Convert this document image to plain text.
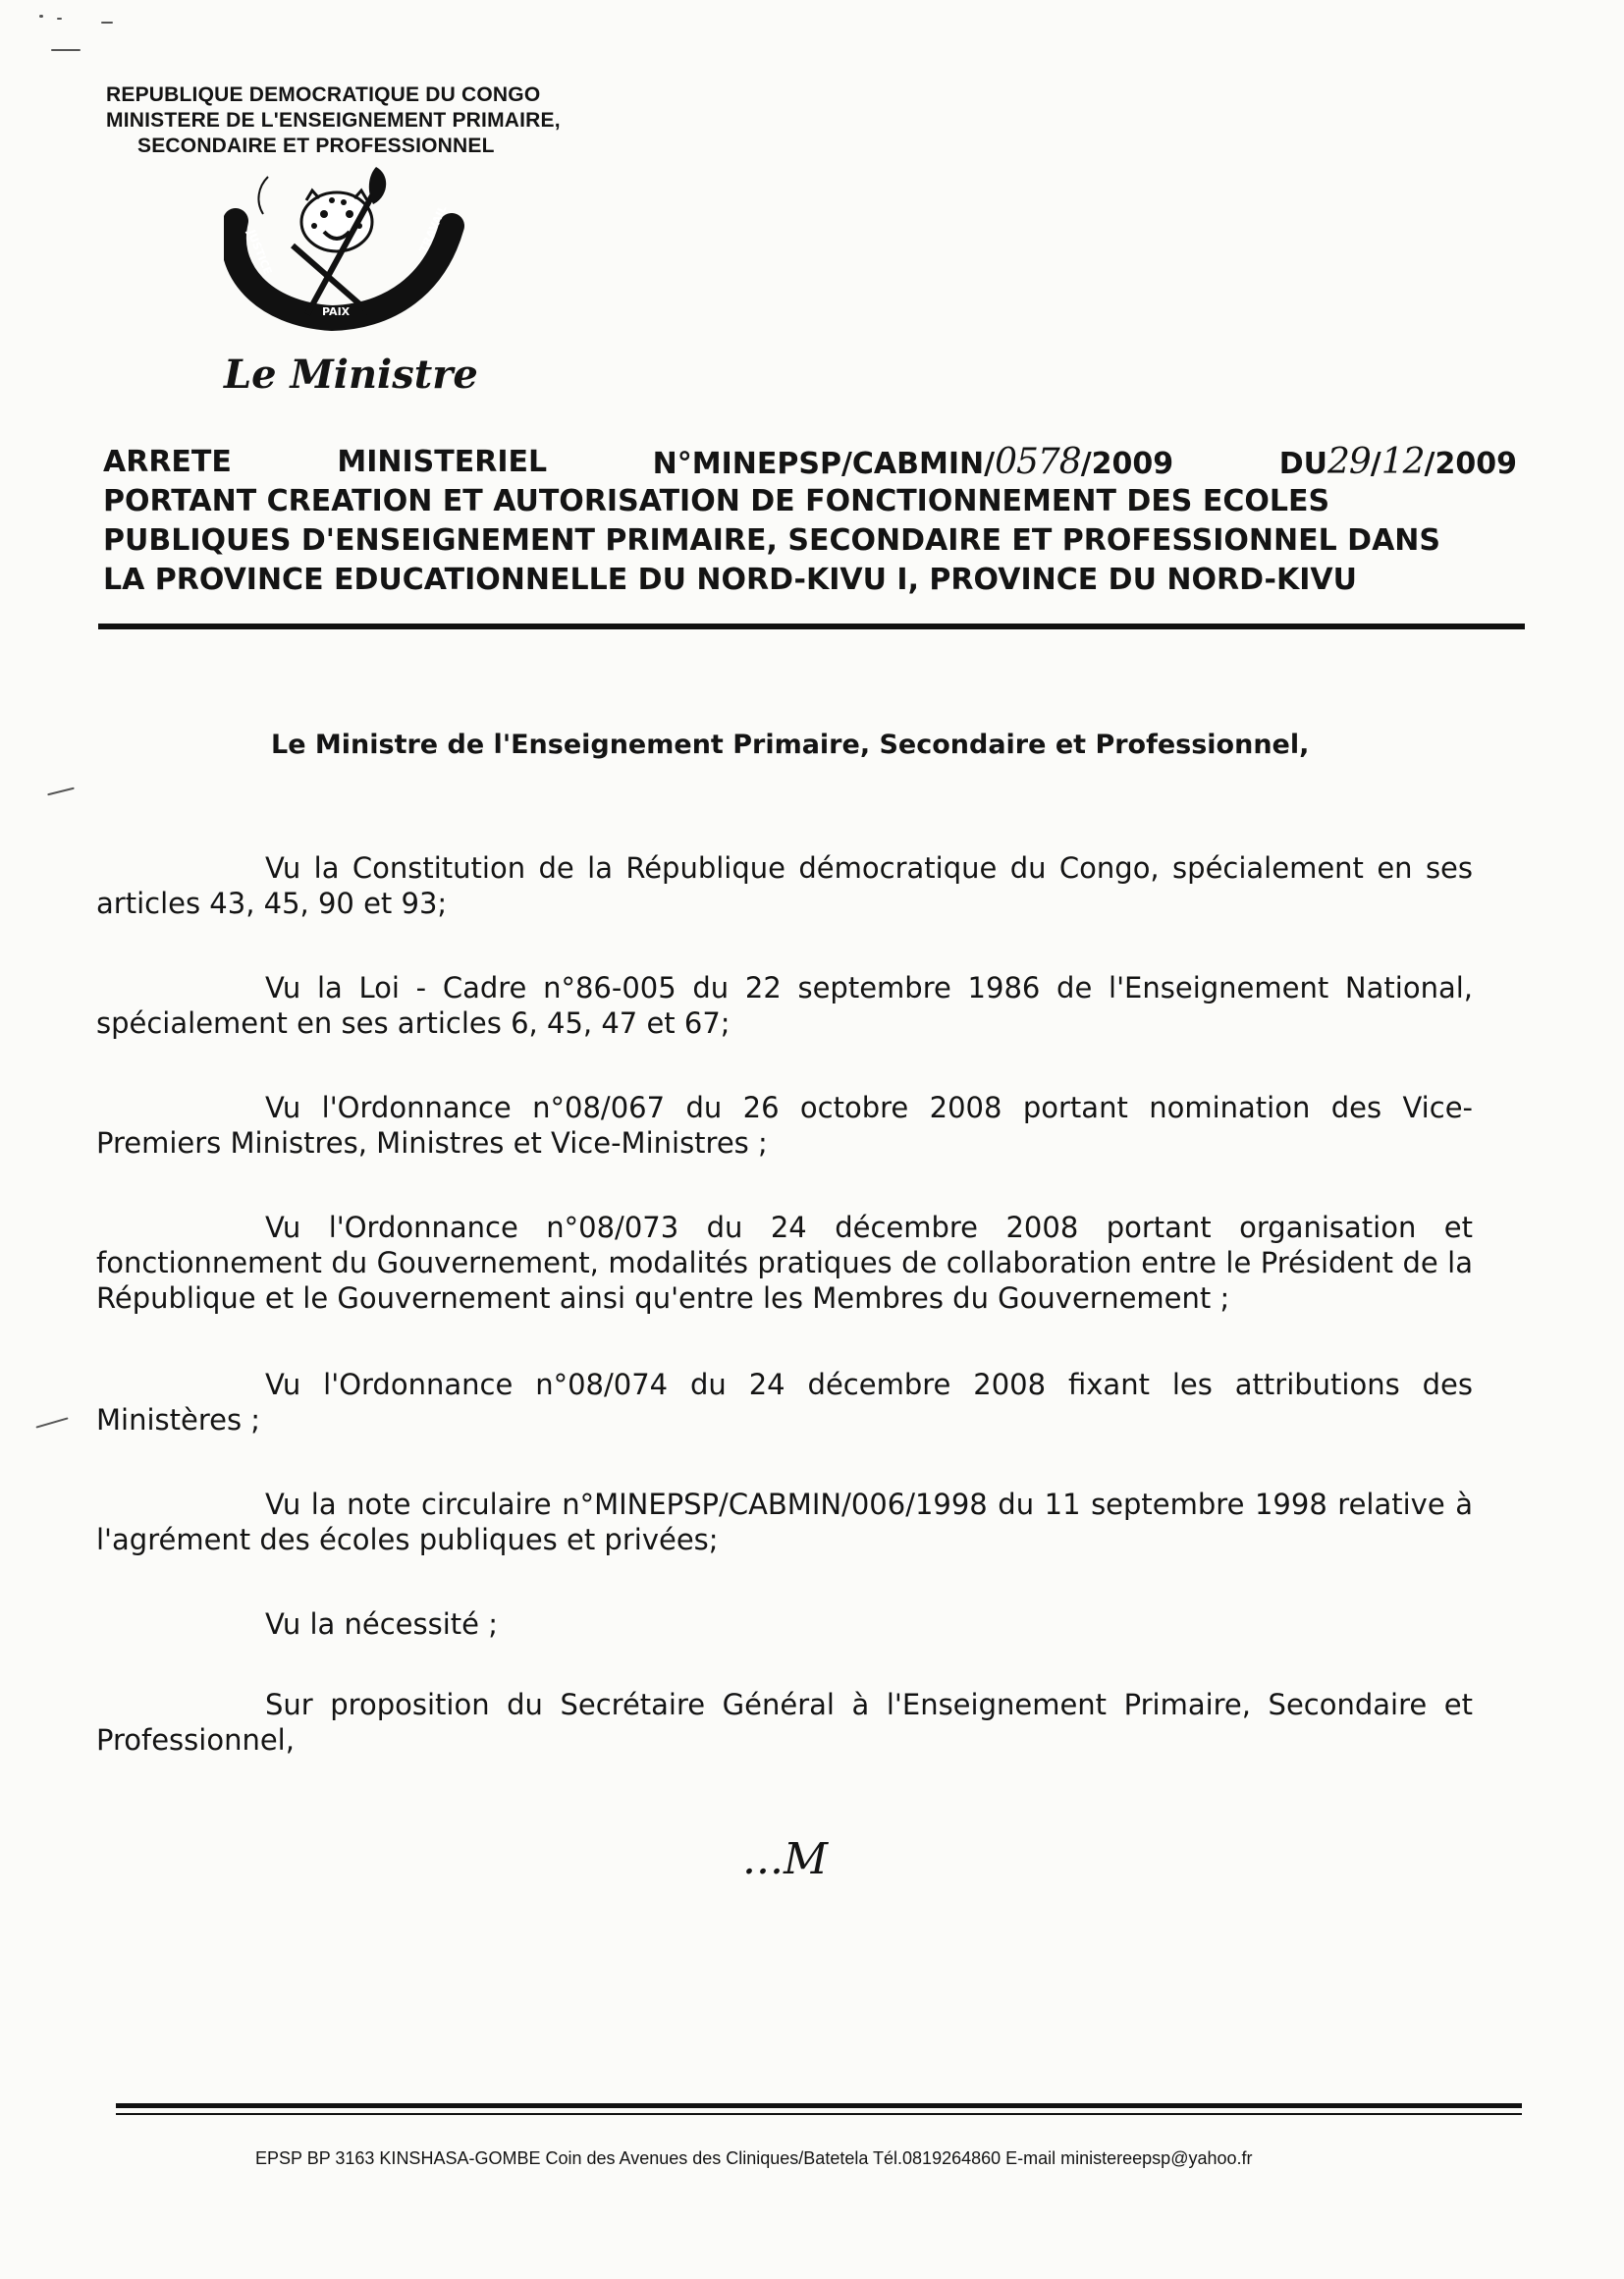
REPUBLIQUE DEMOCRATIQUE DU CONGO
MINISTERE DE L'ENSEIGNEMENT PRIMAIRE,
SECONDAIRE ET PROFESSIONNEL
JUSTICE
PAIX
TRAVAIL
Le Ministre
ARRETE	MINISTERIEL	N°MINEPSP/CABMIN/0578/2009	DU29/12/2009
PORTANT CREATION ET AUTORISATION DE FONCTIONNEMENT DES ECOLES
PUBLIQUES D'ENSEIGNEMENT PRIMAIRE, SECONDAIRE ET PROFESSIONNEL DANS
LA PROVINCE EDUCATIONNELLE DU NORD-KIVU I, PROVINCE DU NORD-KIVU
Le Ministre de l'Enseignement Primaire, Secondaire et Professionnel,
Vu la Constitution de la République démocratique du Congo, spécialement en ses articles 43, 45, 90 et 93;
Vu la Loi - Cadre n°86-005 du 22 septembre 1986 de l'Enseignement National, spécialement en ses articles 6, 45, 47 et 67;
Vu l'Ordonnance n°08/067 du 26 octobre 2008 portant nomination des Vice-Premiers Ministres, Ministres et Vice-Ministres ;
Vu l'Ordonnance n°08/073 du 24 décembre 2008 portant organisation et fonctionnement du Gouvernement, modalités pratiques de collaboration entre le Président de la République et le Gouvernement ainsi qu'entre les Membres du Gouvernement ;
Vu l'Ordonnance n°08/074 du 24 décembre 2008 fixant les attributions des Ministères ;
Vu la note circulaire n°MINEPSP/CABMIN/006/1998 du 11 septembre 1998 relative à l'agrément des écoles publiques et privées;
Vu la nécessité ;
Sur proposition du Secrétaire Général à l'Enseignement Primaire, Secondaire et Professionnel,
...M
EPSP BP 3163 KINSHASA-GOMBE Coin des Avenues des Cliniques/Batetela Tél.0819264860 E-mail ministereepsp@yahoo.fr
